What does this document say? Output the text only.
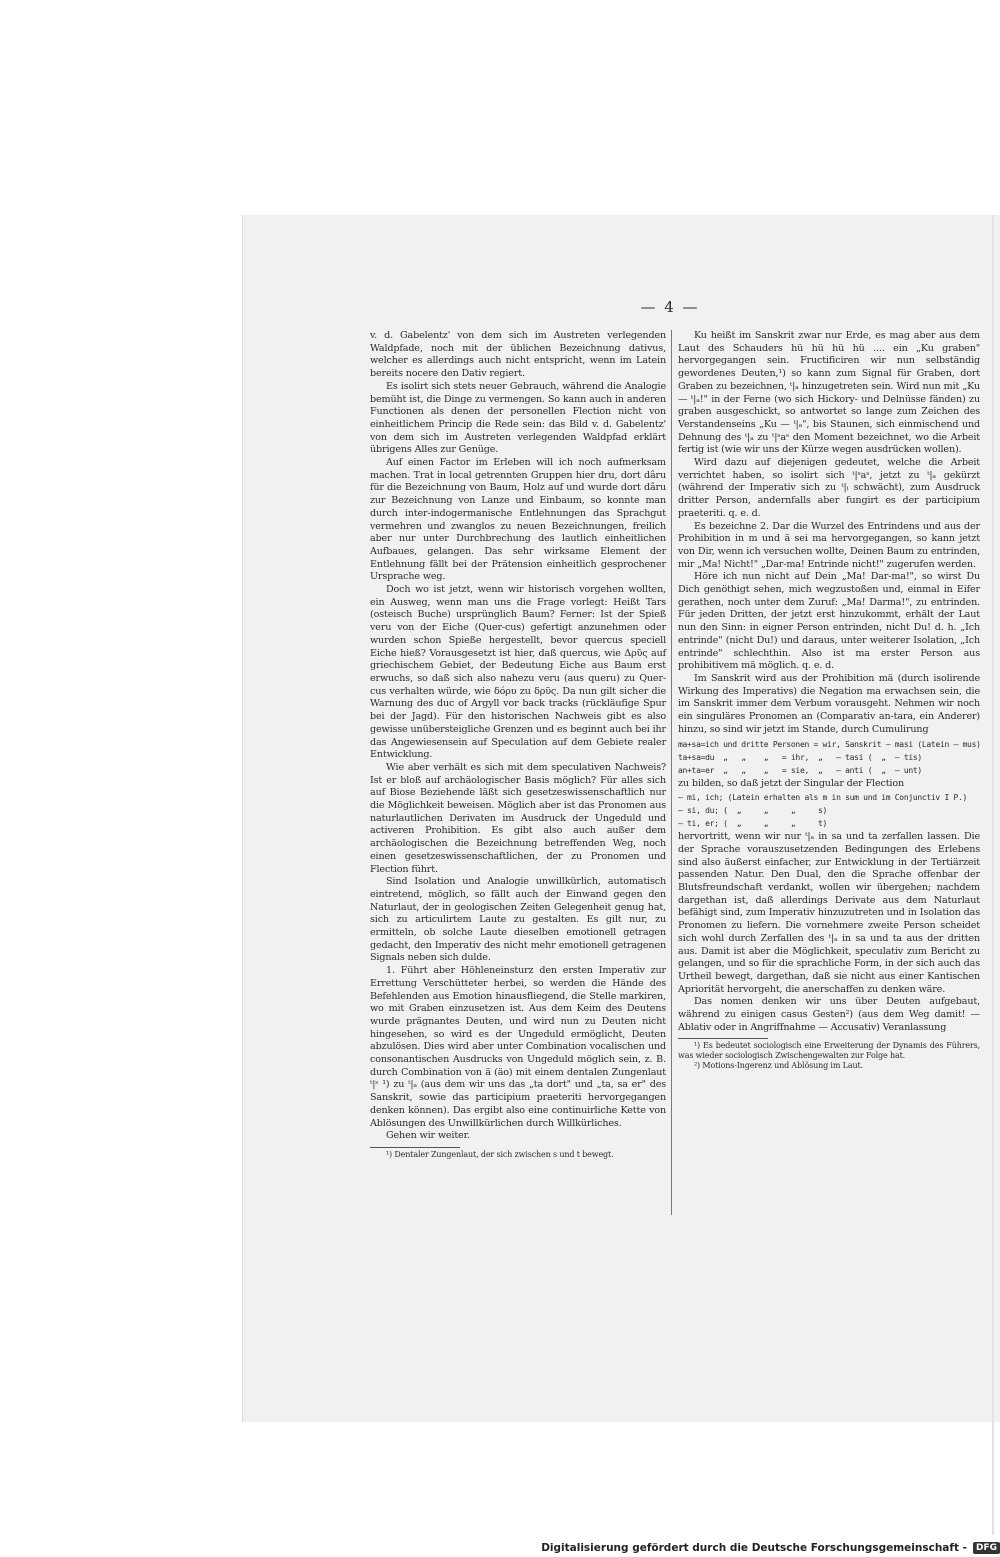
— 4 —

v. d. Gabelentz' von dem sich im Austreten verlegenden Waldpfade, noch mit der üblichen Bezeichnung dativus, welcher es allerdings auch nicht entspricht, wenn im Latein bereits nocere den Dativ regiert.

Es isolirt sich stets neuer Gebrauch, während die Analogie bemüht ist, die Dinge zu vermengen. So kann auch in anderen Functionen als denen der personellen Flection nicht von einheitlichem Princip die Rede sein: das Bild v. d. Gabelentz' von dem sich im Austreten verlegenden Waldpfad erklärt übrigens Alles zur Genüge.

Auf einen Factor im Erleben will ich noch aufmerksam machen. Trat in local getrennten Gruppen hier dru, dort dâru für die Bezeichnung von Baum, Holz auf und wurde dort dâru zur Bezeichnung von Lanze und Einbaum, so konnte man durch inter-indogermanische Entlehnungen das Sprachgut vermehren und zwanglos zu neuen Bezeichnungen, freilich aber nur unter Durchbrechung des lautlich einheitlichen Aufbaues, gelangen. Das sehr wirksame Element der Entlehnung fällt bei der Prätension einheitlich gesprochener Ursprache weg.

Doch wo ist jetzt, wenn wir historisch vorgehen wollten, ein Ausweg, wenn man uns die Frage vorlegt: Heißt Tars (osteisch Buche) ursprünglich Baum? Ferner: Ist der Spieß veru von der Eiche (Quer-cus) gefertigt anzunehmen oder wurden schon Spieße hergestellt, bevor quercus speciell Eiche hieß? Vorausgesetzt ist hier, daß quercus, wie Δρῦς auf griechischem Gebiet, der Bedeutung Eiche aus Baum erst erwuchs, so daß sich also nahezu veru (aus queru) zu Quer-cus verhalten würde, wie δόρυ zu δρῦς. Da nun gilt sicher die Warnung des duc of Argyll vor back tracks (rückläufige Spur bei der Jagd). Für den historischen Nachweis gibt es also gewisse unübersteigliche Grenzen und es beginnt auch bei ihr das Angewiesensein auf Speculation auf dem Gebiete realer Entwicklung.

Wie aber verhält es sich mit dem speculativen Nachweis? Ist er bloß auf archäologischer Basis möglich? Für alles sich auf Biose Beziehende läßt sich gesetzeswissenschaftlich nur die Möglichkeit beweisen. Möglich aber ist das Pronomen aus naturlautlichen Derivaten im Ausdruck der Ungeduld und activeren Prohibition. Es gibt also auch außer dem archäologischen die Bezeichnung betreffenden Weg, noch einen gesetzeswissenschaftlichen, der zu Pronomen und Flection führt.

Sind Isolation und Analogie unwillkürlich, automatisch eintretend, möglich, so fällt auch der Einwand gegen den Naturlaut, der in geologischen Zeiten Gelegenheit genug hat, sich zu articulirtem Laute zu gestalten. Es gilt nur, zu ermitteln, ob solche Laute dieselben emotionell getragen gedacht, den Imperativ des nicht mehr emotionell getragenen Signals neben sich dulde.

1. Führt aber Höhleneinsturz den ersten Imperativ zur Errettung Verschütteter herbei, so werden die Hände des Befehlenden aus Emotion hinausfliegend, die Stelle markiren, wo mit Graben einzusetzen ist. Aus dem Keim des Deutens wurde prägnantes Deuten, und wird nun zu Deuten nicht hingesehen, so wird es der Ungeduld ermöglicht, Deuten abzulösen. Dies wird aber unter Combination vocalischen und consonantischen Ausdrucks von Ungeduld möglich sein, z. B. durch Combination von ä (äo) mit einem dentalen Zungenlaut ᵗ|ˢ ¹) zu ᵗ|ₐ (aus dem wir uns das „ta dort" und „ta, sa er" des Sanskrit, sowie das participium praeteriti hervorgegangen denken können). Das ergibt also eine continuirliche Kette von Ablösungen des Unwillkürlichen durch Willkürliches.

Gehen wir weiter.

¹) Dentaler Zungenlaut, der sich zwischen s und t bewegt.

Ku heißt im Sanskrit zwar nur Erde, es mag aber aus dem Laut des Schauders hü hü hü hü .... ein „Ku graben" hervorgegangen sein. Fructificiren wir nun selbständig gewordenes Deuten,¹) so kann zum Signal für Graben, dort Graben zu bezeichnen, ᵗ|ₐ hinzugetreten sein. Wird nun mit „Ku — ᵗ|ₐ!" in der Ferne (wo sich Hickory- und Delnüsse fänden) zu graben ausgeschickt, so antwortet so lange zum Zeichen des Verstandenseins „Ku — ᵗ|ₐ", bis Staunen, sich einmischend und Dehnung des ᵗ|ₐ zu ᵗ|ˢaˢ den Moment bezeichnet, wo die Arbeit fertig ist (wie wir uns der Kürze wegen ausdrücken wollen).

Wird dazu auf diejenigen gedeutet, welche die Arbeit verrichtet haben, so isolirt sich ᵗ|ˢaˢ, jetzt zu ᵗ|ₐ gekürzt (während der Imperativ sich zu ᵗ|ᵢ schwächt), zum Ausdruck dritter Person, andernfalls aber fungirt es der participium praeteriti. q. e. d.

Es bezeichne 2. Dar die Wurzel des Entrindens und aus der Prohibition in m und ä sei ma hervorgegangen, so kann jetzt von Dir, wenn ich versuchen wollte, Deinen Baum zu entrinden, mir „Ma! Nicht!" „Dar-ma! Entrinde nicht!" zugerufen werden.

Höre ich nun nicht auf Dein „Ma! Dar-ma!", so wirst Du Dich genöthigt sehen, mich wegzustoßen und, einmal in Eifer gerathen, noch unter dem Zuruf: „Ma! Darma!", zu entrinden. Für jeden Dritten, der jetzt erst hinzukommt, erhält der Laut nun den Sinn: in eigner Person entrinden, nicht Du! d. h. „Ich entrinde" (nicht Du!) und daraus, unter weiterer Isolation, „Ich entrinde" schlechthin. Also ist ma erster Person aus prohibitivem mä möglich. q. e. d.

Im Sanskrit wird aus der Prohibition mä (durch isolirende Wirkung des Imperativs) die Negation ma erwachsen sein, die im Sanskrit immer dem Verbum vorausgeht. Nehmen wir noch ein singuläres Pronomen an (Comparativ an-tara, ein Anderer) hinzu, so sind wir jetzt im Stande, durch Cumulirung

ma+sa=ich und dritte Personen = wir, Sanskrit — masi (Latein — mus)
ta+sa=du  „   „    „   = ihr,  „   — tasi (  „  — tis)
an+ta=er  „   „    „   = sie,  „   — anti (  „  — unt)

zu bilden, so daß jetzt der Singular der Flection

— mi, ich; (Latein erhalten als m in sum und im Conjunctiv I P.)
— si, du; (  „     „     „     s)
— ti, er; (  „     „     „     t)

hervortritt, wenn wir nur ᵗ|ₐ in sa und ta zerfallen lassen. Die der Sprache vorauszusetzenden Bedingungen des Erlebens sind also äußerst einfacher, zur Entwicklung in der Tertiärzeit passenden Natur. Den Dual, den die Sprache offenbar der Blutsfreundschaft verdankt, wollen wir übergehen; nachdem dargethan ist, daß allerdings Derivate aus dem Naturlaut befähigt sind, zum Imperativ hinzuzutreten und in Isolation das Pronomen zu liefern. Die vornehmere zweite Person scheidet sich wohl durch Zerfallen des ᵗ|ₐ in sa und ta aus der dritten aus. Damit ist aber die Möglichkeit, speculativ zum Bericht zu gelangen, und so für die sprachliche Form, in der sich auch das Urtheil bewegt, dargethan, daß sie nicht aus einer Kantischen Apriorität hervorgeht, die anerschaffen zu denken wäre.

Das nomen denken wir uns über Deuten aufgebaut, während zu einigen casus Gesten²) (aus dem Weg damit! — Ablativ oder in Angriffnahme — Accusativ) Veranlassung

¹) Es bedeutet sociologisch eine Erweiterung der Dynamis des Führers, was wieder sociologisch Zwischengewalten zur Folge hat.

²) Motions-Ingerenz und Ablösung im Laut.

Digitalisierung gefördert durch die Deutsche Forschungsgemeinschaft -	DFG
